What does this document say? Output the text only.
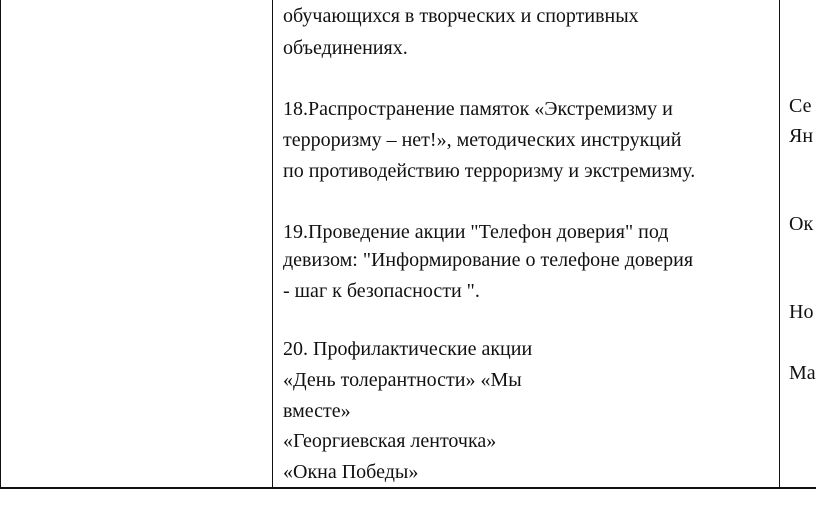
обучающихся в творческих и спортивных
объединениях.
18.Распространение памяток «Экстремизму и
терроризму – нет!», методических инструкций
по противодействию терроризму и экстремизму.
19.Проведение акции "Телефон доверия" под
девизом: "Информирование о телефоне доверия
- шаг к безопасности ".
20. Профилактические акции
«День толерантности» «Мы
вместе»
«Георгиевская ленточка»
«Окна Победы»
Се
Ян
Ок
Но
Ма
